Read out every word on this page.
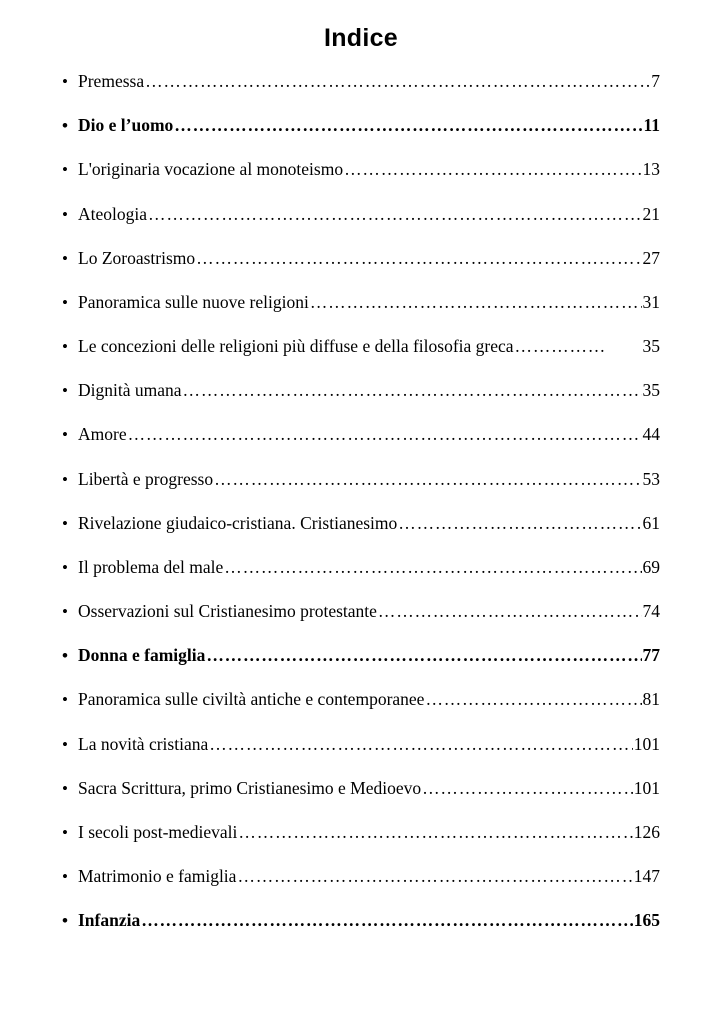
Indice
• Premessa ……………………………………………………………………………………………………………………………………………………………………………………………	7
• Dio e l’uomo ……………………………………………………………………………………………………………………………………………………………………………………………	11
• L'originaria vocazione al monoteismo ……………………………………………………………………………………………………………………………………………………………………………………………	13
• Ateologia ……………………………………………………………………………………………………………………………………………………………………………………………	21
• Lo Zoroastrismo ……………………………………………………………………………………………………………………………………………………………………………………………	27
• Panoramica sulle nuove religioni ……………………………………………………………………………………………………………………………………………………………………………………………	31
• Le concezioni delle religioni più diffuse e della filosofia greca ……………	35
• Dignità umana ……………………………………………………………………………………………………………………………………………………………………………………………	35
• Amore ……………………………………………………………………………………………………………………………………………………………………………………………	44
• Libertà e progresso ……………………………………………………………………………………………………………………………………………………………………………………………	53
• Rivelazione giudaico-cristiana. Cristianesimo ……………………………………………………………………………………………………………………………………………………………………………………………	61
• Il problema del male ……………………………………………………………………………………………………………………………………………………………………………………………	69
• Osservazioni sul Cristianesimo protestante ……………………………………………………………………………………………………………………………………………………………………………………………	74
• Donna e famiglia ……………………………………………………………………………………………………………………………………………………………………………………………	77
• Panoramica sulle civiltà antiche e contemporanee ……………………………………………………………………………………………………………………………………………………………………………………………	81
• La novità cristiana ……………………………………………………………………………………………………………………………………………………………………………………………	101
• Sacra Scrittura, primo Cristianesimo e Medioevo ……………………………………………………………………………………………………………………………………………………………………………………………	101
• I secoli post-medievali ……………………………………………………………………………………………………………………………………………………………………………………………	126
• Matrimonio e famiglia ……………………………………………………………………………………………………………………………………………………………………………………………	147
• Infanzia ……………………………………………………………………………………………………………………………………………………………………………………………	165
